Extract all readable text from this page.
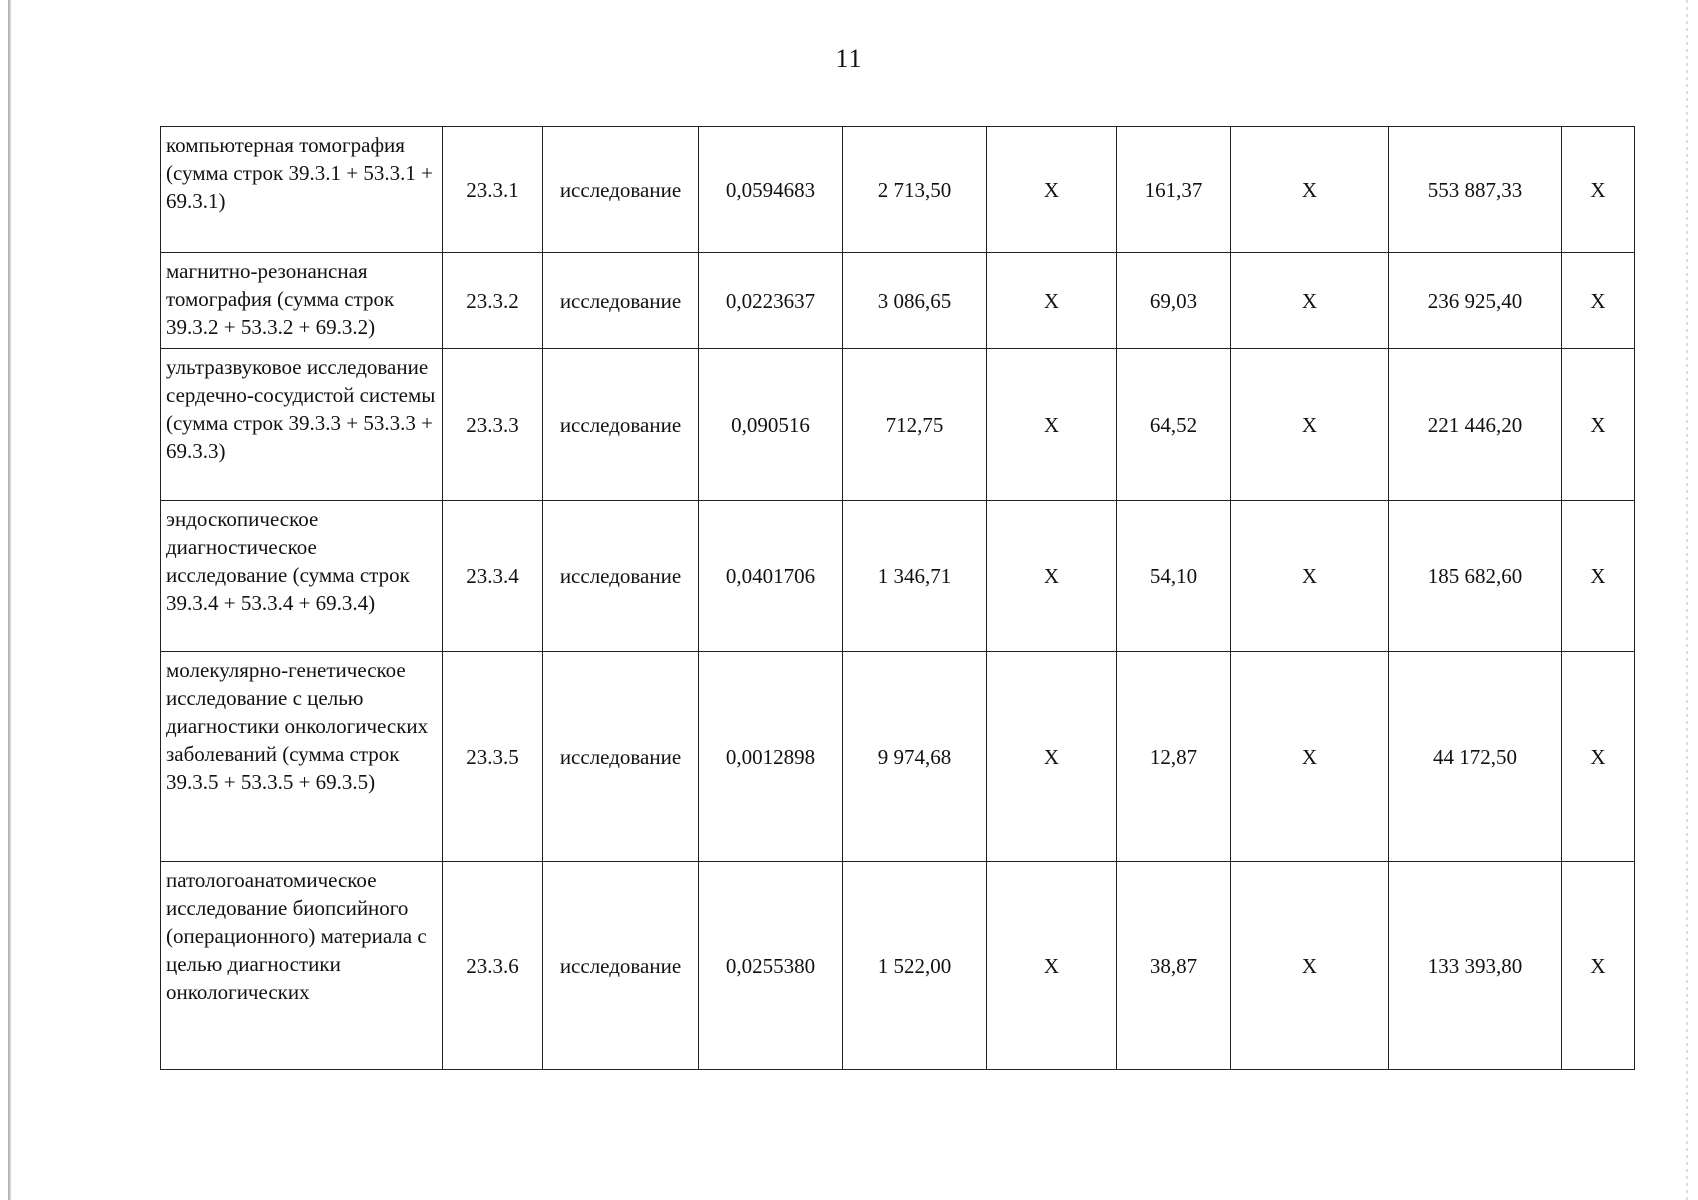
11
компьютерная томография (сумма строк 39.3.1 + 53.3.1 + 69.3.1)	23.3.1	исследование	0,0594683	2 713,50	X	161,37	X	553 887,33	X
магнитно-резонансная томография (сумма строк 39.3.2 + 53.3.2 + 69.3.2)	23.3.2	исследование	0,0223637	3 086,65	X	69,03	X	236 925,40	X
ультразвуковое исследование сердечно-сосудистой системы (сумма строк 39.3.3 + 53.3.3 + 69.3.3)	23.3.3	исследование	0,090516	712,75	X	64,52	X	221 446,20	X
эндоскопическое диагностическое исследование (сумма строк 39.3.4 + 53.3.4 + 69.3.4)	23.3.4	исследование	0,0401706	1 346,71	X	54,10	X	185 682,60	X
молекулярно-генетическое исследование с целью диагностики онкологических заболеваний (сумма строк 39.3.5 + 53.3.5 + 69.3.5)	23.3.5	исследование	0,0012898	9 974,68	X	12,87	X	44 172,50	X
патологоанатомическое исследование биопсийного (операционного) материала с целью диагностики онкологических	23.3.6	исследование	0,0255380	1 522,00	X	38,87	X	133 393,80	X
